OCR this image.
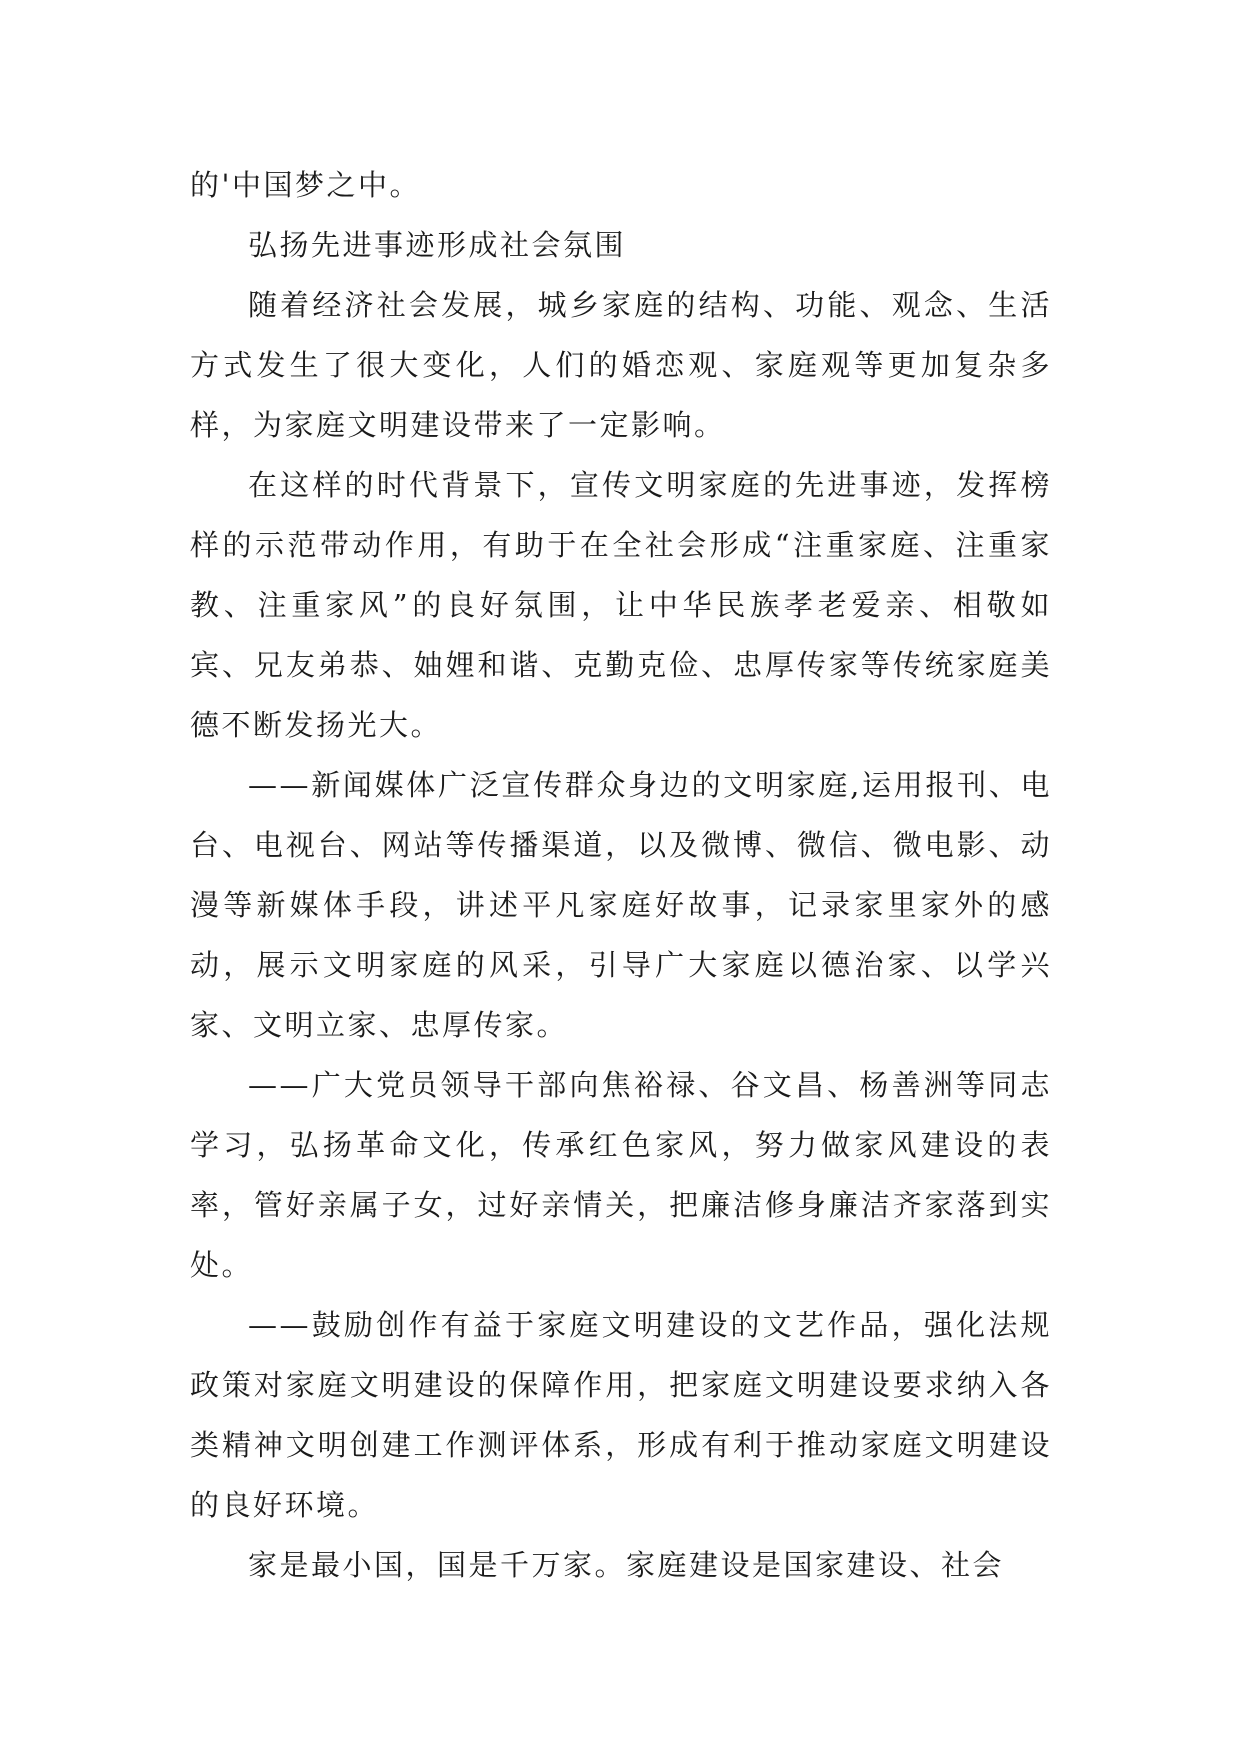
的'中国梦之中。

弘扬先进事迹形成社会氛围

随着经济社会发展，城乡家庭的结构、功能、观念、生活方式发生了很大变化，人们的婚恋观、家庭观等更加复杂多样，为家庭文明建设带来了一定影响。

在这样的时代背景下，宣传文明家庭的先进事迹，发挥榜样的示范带动作用，有助于在全社会形成“注重家庭、注重家教、注重家风”的良好氛围，让中华民族孝老爱亲、相敬如宾、兄友弟恭、妯娌和谐、克勤克俭、忠厚传家等传统家庭美德不断发扬光大。

——新闻媒体广泛宣传群众身边的文明家庭,运用报刊、电台、电视台、网站等传播渠道，以及微博、微信、微电影、动漫等新媒体手段，讲述平凡家庭好故事，记录家里家外的感动，展示文明家庭的风采，引导广大家庭以德治家、以学兴家、文明立家、忠厚传家。

——广大党员领导干部向焦裕禄、谷文昌、杨善洲等同志学习，弘扬革命文化，传承红色家风，努力做家风建设的表率，管好亲属子女，过好亲情关，把廉洁修身廉洁齐家落到实处。

——鼓励创作有益于家庭文明建设的文艺作品，强化法规政策对家庭文明建设的保障作用，把家庭文明建设要求纳入各类精神文明创建工作测评体系，形成有利于推动家庭文明建设的良好环境。

家是最小国，国是千万家。家庭建设是国家建设、社会
